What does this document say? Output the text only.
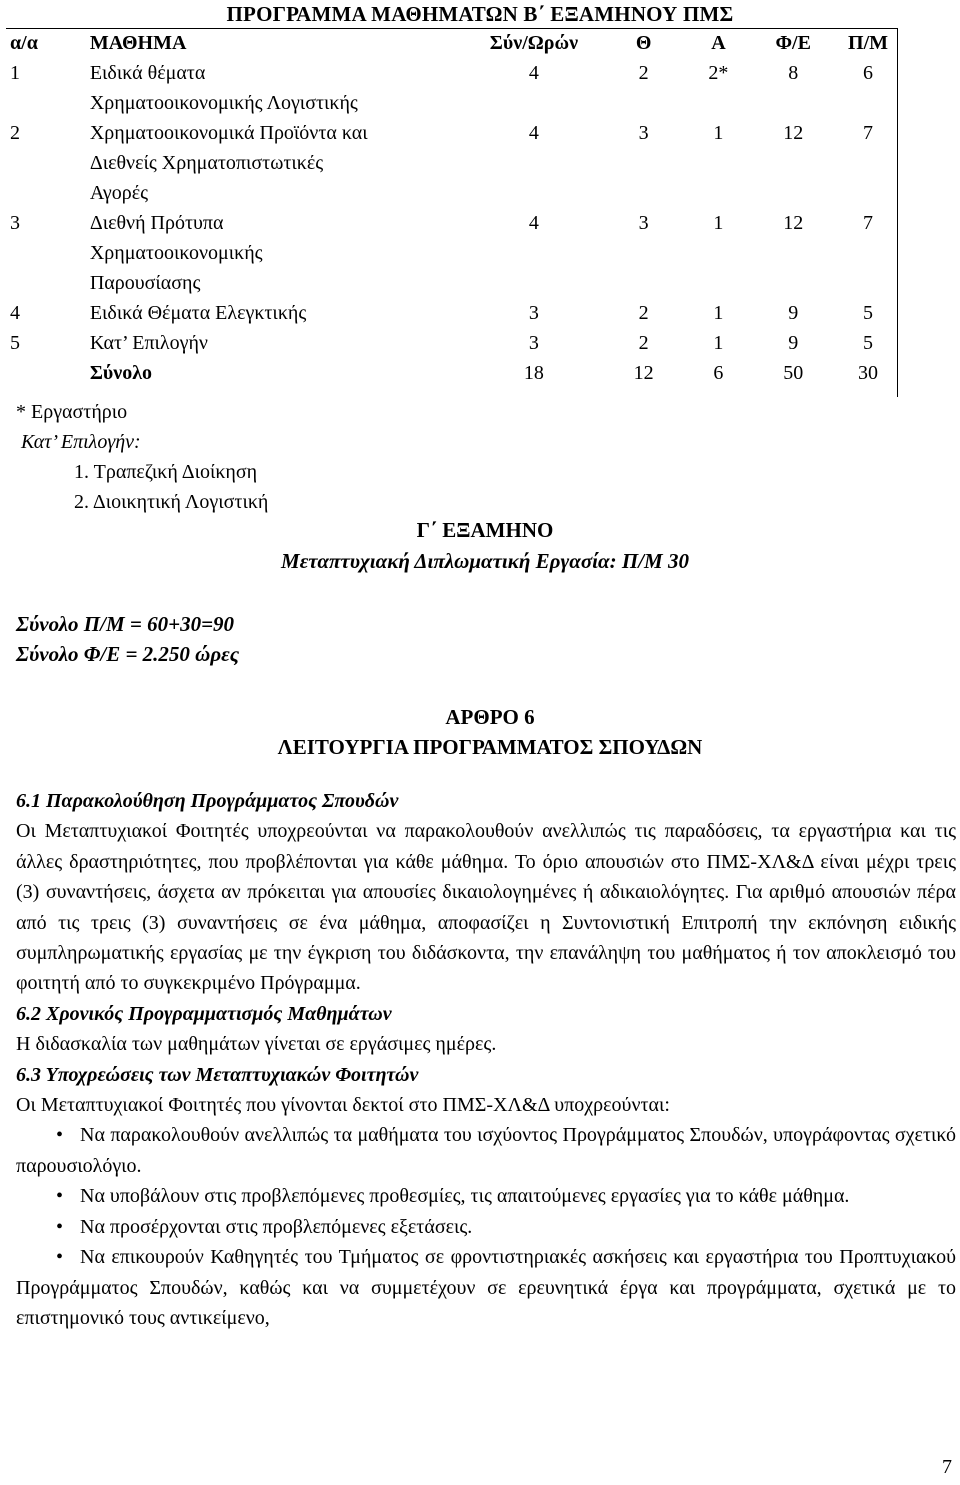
ΠΡΟΓΡΑΜΜΑ ΜΑΘΗΜΑΤΩΝ Β΄ ΕΞΑΜΗΝΟΥ ΠΜΣ
α/α	ΜΑΘΗΜΑ	Σύν/Ωρών	Θ	Α	Φ/Ε	Π/Μ
1	Ειδικά θέματα
Χρηματοοικονομικής Λογιστικής	4	2	2*	8	6
2	Χρηματοοικονομικά Προϊόντα και
Διεθνείς Χρηματοπιστωτικές
Αγορές	4	3	1	12	7
3	Διεθνή Πρότυπα
Χρηματοοικονομικής
Παρουσίασης	4	3	1	12	7
4	Ειδικά Θέματα Ελεγκτικής	3	2	1	9	5
5	Κατ’ Επιλογήν	3	2	1	9	5
	Σύνολο	18	12	6	50	30
* Εργαστήριο
Κατ’ Επιλογήν:
1. Τραπεζική Διοίκηση
2. Διοικητική Λογιστική
Γ΄ ΕΞΑΜΗΝΟ
Μεταπτυχιακή Διπλωματική Εργασία: Π/Μ 30
Σύνολο Π/Μ = 60+30=90
Σύνολο Φ/Ε = 2.250 ώρες
ΑΡΘΡΟ 6
ΛΕΙΤΟΥΡΓΙΑ ΠΡΟΓΡΑΜΜΑΤΟΣ ΣΠΟΥΔΩΝ

6.1 Παρακολούθηση Προγράμματος Σπουδών

Οι Μεταπτυχιακοί Φοιτητές υποχρεούνται να παρακολουθούν ανελλιπώς τις παραδόσεις, τα εργαστήρια και τις άλλες δραστηριότητες, που προβλέπονται για κάθε μάθημα. Το όριο απουσιών στο ΠΜΣ-ΧΛ&Δ είναι μέχρι τρεις (3) συναντήσεις, άσχετα αν πρόκειται για απουσίες δικαιολογημένες ή αδικαιολόγητες. Για αριθμό απουσιών πέρα από τις τρεις (3) συναντήσεις σε ένα μάθημα, αποφασίζει η Συντονιστική Επιτροπή την εκπόνηση ειδικής συμπληρωματικής εργασίας με την έγκριση του διδάσκοντα, την επανάληψη του μαθήματος ή τον αποκλεισμό του φοιτητή από το συγκεκριμένο Πρόγραμμα.

6.2 Χρονικός Προγραμματισμός Μαθημάτων

Η διδασκαλία των μαθημάτων γίνεται σε εργάσιμες ημέρες.

6.3 Υποχρεώσεις των Μεταπτυχιακών Φοιτητών

Οι Μεταπτυχιακοί Φοιτητές που γίνονται δεκτοί στο ΠΜΣ-ΧΛ&Δ υποχρεούνται:

• Να παρακολουθούν ανελλιπώς τα μαθήματα του ισχύοντος Προγράμματος Σπουδών, υπογράφοντας σχετικό παρουσιολόγιο.

• Να υποβάλουν στις προβλεπόμενες προθεσμίες, τις απαιτούμενες εργασίες για το κάθε μάθημα.

• Να προσέρχονται στις προβλεπόμενες εξετάσεις.

• Να επικουρούν Καθηγητές του Τμήματος σε φροντιστηριακές ασκήσεις και εργαστήρια του Προπτυχιακού Προγράμματος Σπουδών, καθώς και να συμμετέχουν σε ερευνητικά έργα και προγράμματα, σχετικά με το επιστημονικό τους αντικείμενο,

7
